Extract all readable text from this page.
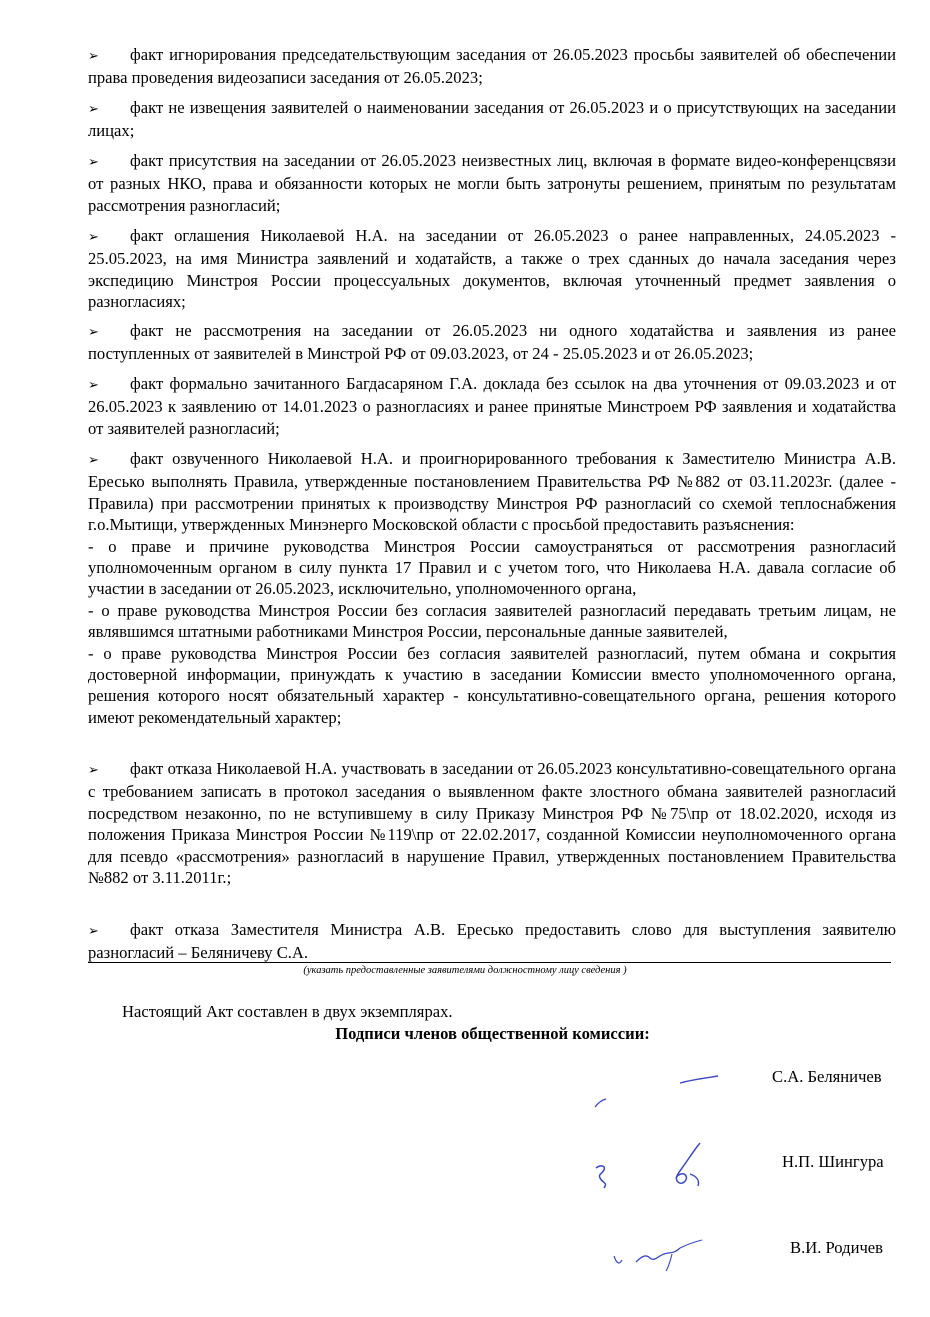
➢ факт игнорирования председательствующим заседания от 26.05.2023 просьбы заявителей об обеспечении права проведения видеозаписи заседания от 26.05.2023;

➢ факт не извещения заявителей о наименовании заседания от 26.05.2023 и о присутствующих на заседании лицах;

➢ факт присутствия на заседании от 26.05.2023 неизвестных лиц, включая в формате видео-конференцсвязи от разных НКО, права и обязанности которых не могли быть затронуты решением, принятым по результатам рассмотрения разногласий;

➢ факт оглашения Николаевой Н.А. на заседании от 26.05.2023 о ранее направленных, 24.05.2023 - 25.05.2023, на имя Министра заявлений и ходатайств, а также о трех сданных до начала заседания через экспедицию Минстроя России процессуальных документов, включая уточненный предмет заявления о разногласиях;

➢ факт не рассмотрения на заседании от 26.05.2023 ни одного ходатайства и заявления из ранее поступленных от заявителей в Минстрой РФ от 09.03.2023, от 24 - 25.05.2023 и от 26.05.2023;

➢ факт формально зачитанного Багдасаряном Г.А. доклада без ссылок на два уточнения от 09.03.2023 и от 26.05.2023 к заявлению от 14.01.2023 о разногласиях и ранее принятые Минстроем РФ заявления и ходатайства от заявителей разногласий;

➢ факт озвученного Николаевой Н.А. и проигнорированного требования к Заместителю Министра А.В. Ересько выполнять Правила, утвержденные постановлением Правительства РФ №882 от 03.11.2023г. (далее - Правила) при рассмотрении принятых к производству Минстроя РФ разногласий со схемой теплоснабжения г.о.Мытищи, утвержденных Минэнерго Московской области с просьбой предоставить разъяснения:

- о праве и причине руководства Минстроя России самоустраняться от рассмотрения разногласий уполномоченным органом в силу пункта 17 Правил и с учетом того, что Николаева Н.А. давала согласие об участии в заседании от 26.05.2023, исключительно, уполномоченного органа,

- о праве руководства Минстроя России без согласия заявителей разногласий передавать третьим лицам, не являвшимся штатными работниками Минстроя России, персональные данные заявителей,

- о праве руководства Минстроя России без согласия заявителей разногласий, путем обмана и сокрытия достоверной информации, принуждать к участию в заседании Комиссии вместо уполномоченного органа, решения которого носят обязательный характер - консультативно-совещательного органа, решения которого имеют рекомендательный характер;

➢ факт отказа Николаевой Н.А. участвовать в заседании от 26.05.2023 консультативно-совещательного органа с требованием записать в протокол заседания о выявленном факте злостного обмана заявителей разногласий посредством незаконно, по не вступившему в силу Приказу Минстроя РФ №75\пр от 18.02.2020, исходя из положения Приказа Минстроя России №119\пр от 22.02.2017, созданной Комиссии неуполномоченного органа для псевдо «рассмотрения» разногласий в нарушение Правил, утвержденных постановлением Правительства №882 от 3.11.2011г.;

➢ факт отказа Заместителя Министра А.В. Ересько предоставить слово для выступления заявителю разногласий – Беляничеву С.А.

(указать предоставленные заявителями должностному лицу сведения )
Настоящий Акт составлен в двух экземплярах.
Подписи членов общественной комиссии:
С.А. Беляничев
Н.П. Шингура
В.И. Родичев
